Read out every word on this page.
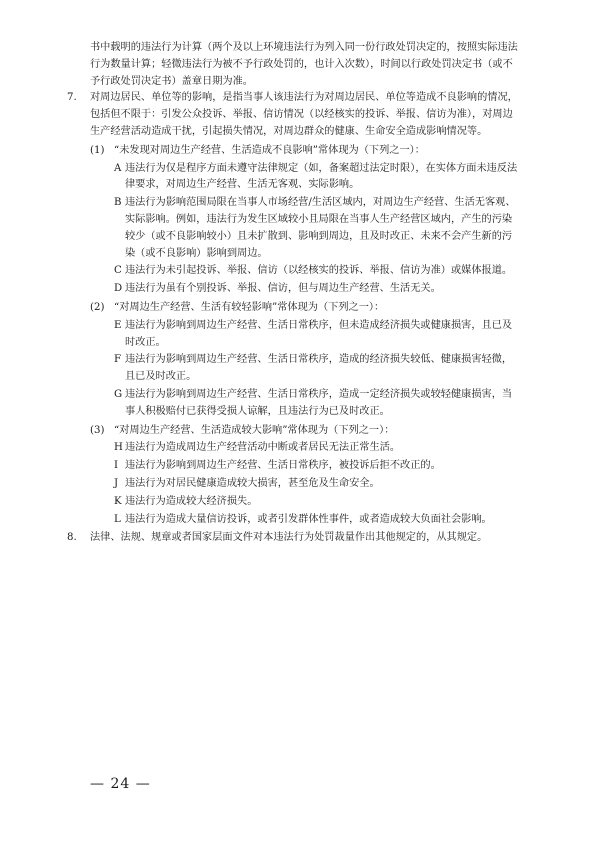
书中载明的违法行为计算（两个及以上环境违法行为列入同一份行政处罚决定的，按照实际违法行为数量计算；轻微违法行为被不予行政处罚的，也计入次数），时间以行政处罚决定书（或不予行政处罚决定书）盖章日期为准。

7.	对周边居民、单位等的影响，是指当事人该违法行为对周边居民、单位等造成不良影响的情况，包括但不限于：引发公众投诉、举报、信访情况（以经核实的投诉、举报、信访为准），对周边生产经营活动造成干扰，引起损失情况，对周边群众的健康、生命安全造成影响情况等。
(1) “未发现对周边生产经营、生活造成不良影响”常体现为（下列之一）：
A 违法行为仅是程序方面未遵守法律规定（如，备案超过法定时限），在实体方面未违反法律要求，对周边生产经营、生活无客观、实际影响。
B 违法行为影响范围局限在当事人市场经营/生活区域内，对周边生产经营、生活无客观、实际影响。例如，违法行为发生区域较小且局限在当事人生产经营区域内，产生的污染较少（或不良影响较小）且未扩散到、影响到周边，且及时改正、未来不会产生新的污染（或不良影响）影响到周边。
C 违法行为未引起投诉、举报、信访（以经核实的投诉、举报、信访为准）或媒体报道。
D 违法行为虽有个别投诉、举报、信访，但与周边生产经营、生活无关。
(2) “对周边生产经营、生活有较轻影响”常体现为（下列之一）：
E 违法行为影响到周边生产经营、生活日常秩序，但未造成经济损失或健康损害，且已及时改正。
F 违法行为影响到周边生产经营、生活日常秩序，造成的经济损失较低、健康损害轻微，且已及时改正。
G 违法行为影响到周边生产经营、生活日常秩序，造成一定经济损失或较轻健康损害，当事人积极赔付已获得受损人谅解，且违法行为已及时改正。
(3) “对周边生产经营、生活造成较大影响”常体现为（下列之一）：
H 违法行为造成周边生产经营活动中断或者居民无法正常生活。
I 违法行为影响到周边生产经营、生活日常秩序，被投诉后拒不改正的。
J 违法行为对居民健康造成较大损害，甚至危及生命安全。
K 违法行为造成较大经济损失。
L 违法行为造成大量信访投诉，或者引发群体性事件，或者造成较大负面社会影响。
8.	法律、法规、规章或者国家层面文件对本违法行为处罚裁量作出其他规定的，从其规定。
— 24 —
